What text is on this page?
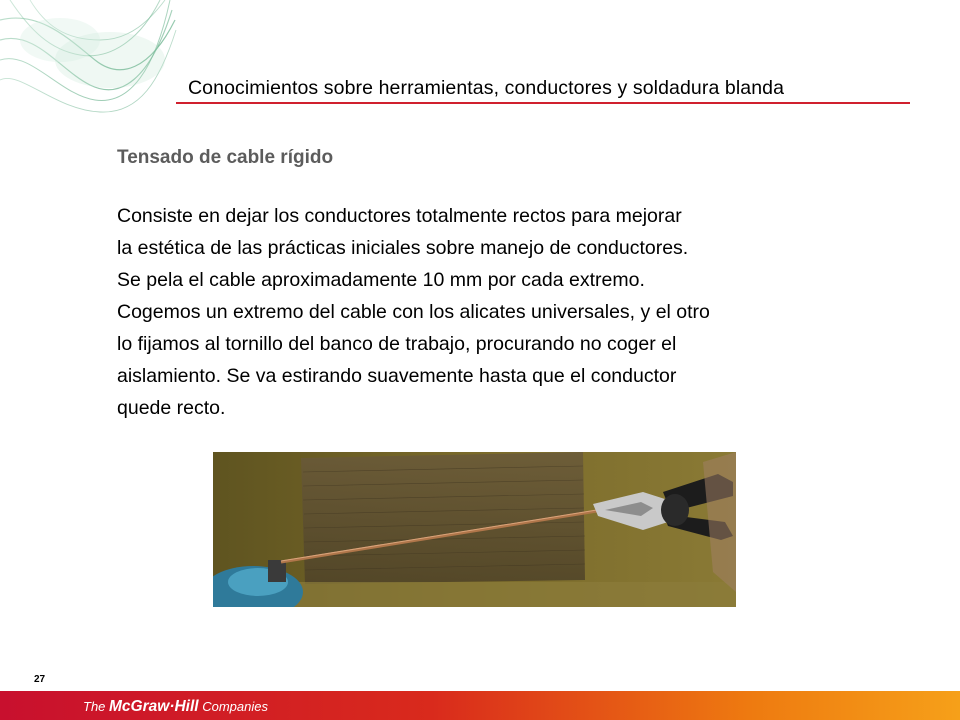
Conocimientos sobre herramientas, conductores y soldadura blanda
Tensado de cable rígido
Consiste en dejar los conductores totalmente rectos para mejorar
la estética de las prácticas iniciales sobre manejo de conductores.
Se pela el cable aproximadamente 10 mm por cada extremo.
Cogemos un extremo del cable con los alicates universales, y el otro
lo fijamos al tornillo del banco de trabajo, procurando no coger el
aislamiento. Se va estirando suavemente hasta que el conductor
quede recto.
27
The McGraw·Hill Companies
